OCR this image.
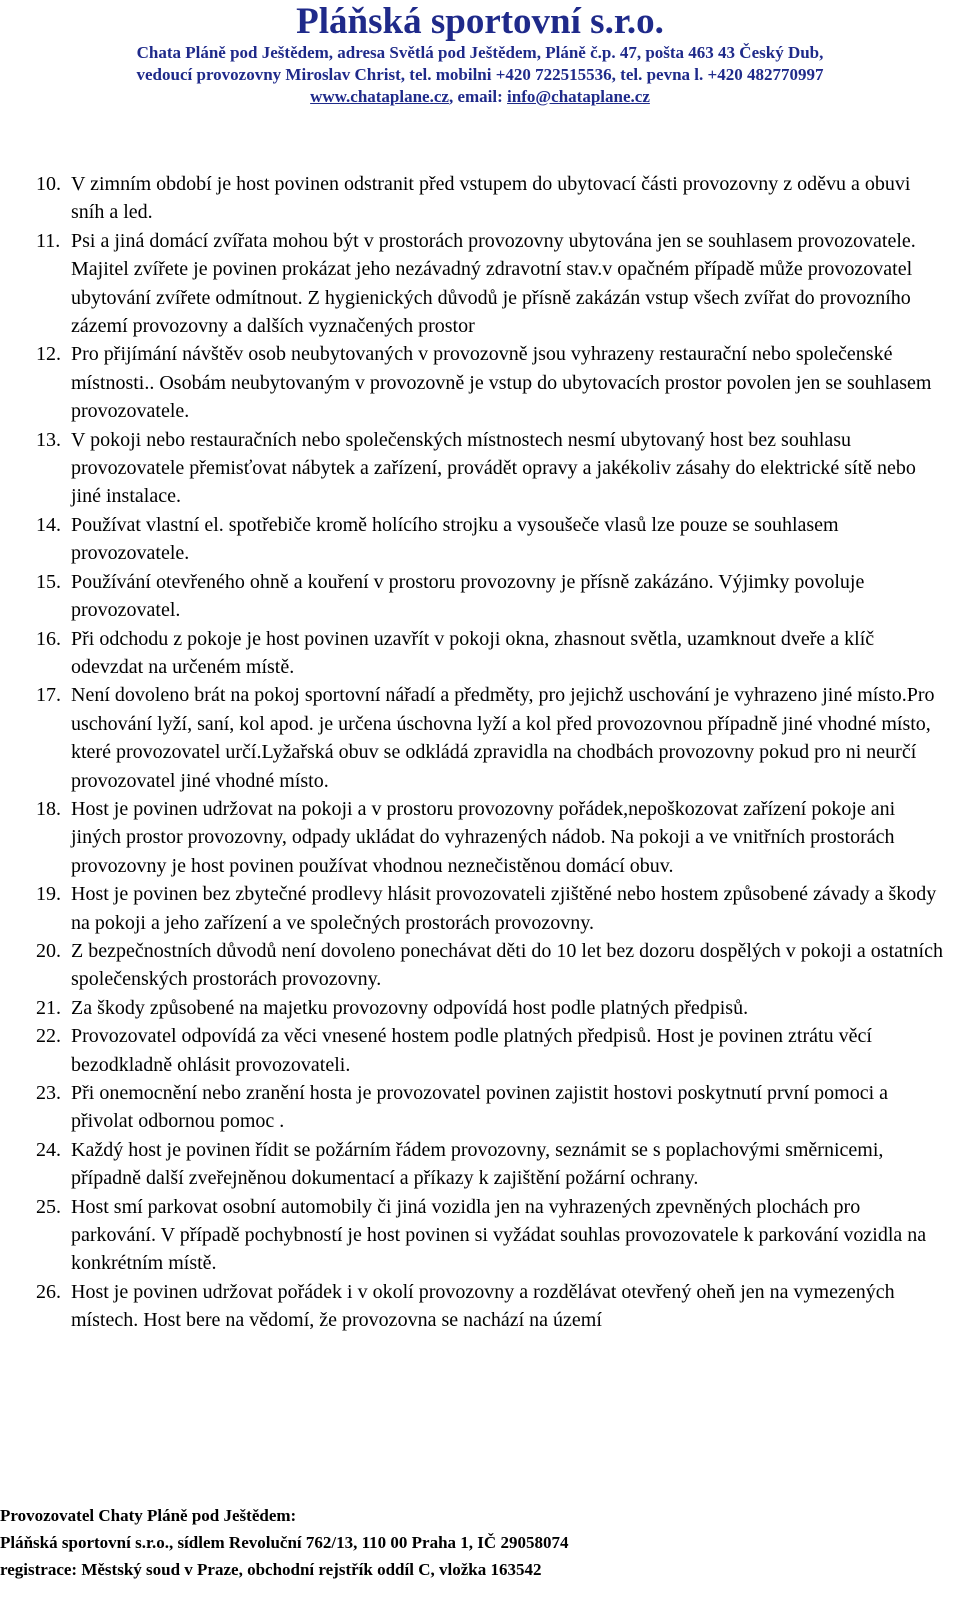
Pláňská sportovní s.r.o.
Chata Pláně pod Ještědem, adresa Světlá pod Ještědem, Pláně č.p. 47, pošta 463 43 Český Dub,
vedoucí provozovny Miroslav Christ, tel. mobilni +420 722515536, tel. pevna l. +420 482770997
www.chataplane.cz, email: info@chataplane.cz
10. V zimním období je host povinen odstranit před vstupem do ubytovací části provozovny z oděvu a obuvi sníh a led.
11. Psi a jiná domácí zvířata mohou být v prostorách provozovny ubytována jen se souhlasem provozovatele. Majitel zvířete je povinen prokázat jeho nezávadný zdravotní stav.v opačném případě může provozovatel ubytování zvířete odmítnout. Z hygienických důvodů je přísně zakázán vstup všech zvířat do provozního zázemí provozovny a dalších vyznačených prostor
12. Pro přijímání návštěv osob neubytovaných v provozovně jsou vyhrazeny restaurační nebo společenské místnosti.. Osobám neubytovaným v provozovně je vstup do ubytovacích prostor povolen jen se souhlasem provozovatele.
13. V pokoji nebo restauračních nebo společenských místnostech nesmí ubytovaný host bez souhlasu provozovatele přemisťovat nábytek a zařízení, provádět opravy a jakékoliv zásahy do elektrické sítě nebo jiné instalace.
14. Používat vlastní el. spotřebiče kromě holícího strojku a vysoušeče vlasů lze pouze se souhlasem provozovatele.
15. Používání otevřeného ohně a kouření v prostoru provozovny je přísně zakázáno. Výjimky povoluje provozovatel.
16. Při odchodu z pokoje je host povinen uzavřít v pokoji okna, zhasnout světla, uzamknout dveře a klíč odevzdat na určeném místě.
17. Není dovoleno brát na pokoj sportovní nářadí a předměty, pro jejichž uschování je vyhrazeno jiné místo.Pro uschování lyží, saní, kol apod. je určena úschovna lyží a kol před provozovnou případně jiné vhodné místo, které provozovatel určí.Lyžařská obuv se odkládá zpravidla na chodbách provozovny pokud pro ni neurčí provozovatel jiné vhodné místo.
18. Host je povinen udržovat na pokoji a v prostoru provozovny pořádek,nepoškozovat zařízení pokoje ani jiných prostor provozovny, odpady ukládat do vyhrazených nádob. Na pokoji a ve vnitřních prostorách provozovny je host povinen používat vhodnou neznečistěnou domácí obuv.
19. Host je povinen bez zbytečné prodlevy hlásit provozovateli zjištěné nebo hostem způsobené závady a škody na pokoji a jeho zařízení a ve společných prostorách provozovny.
20. Z bezpečnostních důvodů není dovoleno ponechávat děti do 10 let bez dozoru dospělých v pokoji a ostatních společenských prostorách provozovny.
21. Za škody způsobené na majetku provozovny odpovídá host podle platných předpisů.
22. Provozovatel odpovídá za věci vnesené hostem podle platných předpisů. Host je povinen ztrátu věcí bezodkladně ohlásit provozovateli.
23. Při onemocnění nebo zranění hosta je provozovatel povinen zajistit hostovi poskytnutí první pomoci a přivolat odbornou pomoc .
24. Každý host je povinen řídit se požárním řádem provozovny, seznámit se s poplachovými směrnicemi, případně další zveřejněnou dokumentací a příkazy k zajištění požární ochrany.
25. Host smí parkovat osobní automobily či jiná vozidla jen na vyhrazených zpevněných plochách pro parkování. V případě pochybností je host povinen si vyžádat souhlas provozovatele k parkování vozidla na konkrétním místě.
26. Host je povinen udržovat pořádek i v okolí provozovny a rozdělávat otevřený oheň jen na vymezených místech. Host bere na vědomí, že provozovna se nachází na území
Provozovatel Chaty Pláně pod Ještědem:
Pláňská sportovní s.r.o., sídlem Revoluční 762/13, 110 00 Praha 1, IČ 29058074
registrace: Městský soud v Praze, obchodní rejstřík oddíl C, vložka 163542
